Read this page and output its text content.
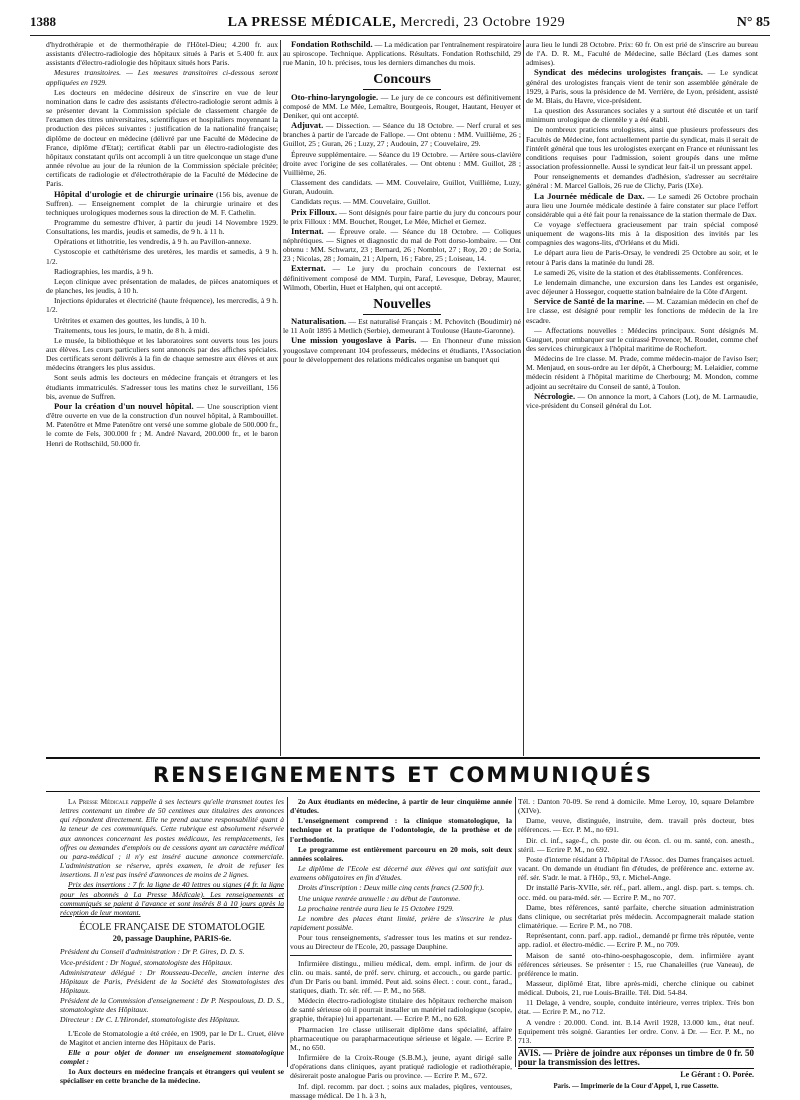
1388	LA PRESSE MÉDICALE, Mercredi, 23 Octobre 1929	N° 85

d'hydrothérapie et de thermothérapie de l'Hôtel-Dieu; 4.200 fr. aux assistants d'électro-radiologie des hôpitaux situés à Paris et 5.400 fr. aux assistants d'électro-radiologie des hôpitaux situés hors Paris.

Mesures transitoires. — Les mesures transitoires ci-dessous seront appliquées en 1929.

Les docteurs en médecine désireux de s'inscrire en vue de leur nomination dans le cadre des assistants d'électro-radiologie seront admis à se présenter devant la Commission spéciale de classement chargée de l'examen des titres universitaires, scientifiques et hospitaliers moyennant la production des pièces suivantes : justification de la nationalité française; diplôme de docteur en médecine (délivré par une Faculté de Médecine de France, diplôme d'Etat); certificat établi par un électro-radiologiste des hôpitaux constatant qu'ils ont accompli à un titre quelconque un stage d'une année révolue au jour de la réunion de la Commission spéciale précitée; certificats de radiologie et d'électrothérapie de la Faculté de Médecine de Paris.

Hôpital d'urologie et de chirurgie urinaire (156 bis, avenue de Suffren). — Enseignement complet de la chirurgie urinaire et des techniques urologiques modernes sous la direction de M. F. Cathelin.

Programme du semestre d'hiver, à partir du jeudi 14 Novembre 1929. Consultations, les mardis, jeudis et samedis, de 9 h. à 11 h.

Opérations et lithotritie, les vendredis, à 9 h. au Pavillon-annexe.

Cystoscopie et cathétérisme des uretères, les mardis et samedis, à 9 h. 1/2.

Radiographies, les mardis, à 9 h.

Leçon clinique avec présentation de malades, de pièces anatomiques et de planches, les jeudis, à 10 h.

Injections épidurales et électricité (haute fréquence), les mercredis, à 9 h. 1/2.

Urétrites et examen des gouttes, les lundis, à 10 h.

Traitements, tous les jours, le matin, de 8 h. à midi.

Le musée, la bibliothèque et les laboratoires sont ouverts tous les jours aux élèves. Les cours particuliers sont annoncés par des affiches spéciales. Des certificats seront délivrés à la fin de chaque semestre aux élèves et aux médecins étrangers les plus assidus.

Sont seuls admis les docteurs en médecine français et étrangers et les étudiants immatriculés. S'adresser tous les matins chez le surveillant, 156 bis, avenue de Suffren.

Pour la création d'un nouvel hôpital. — Une souscription vient d'être ouverte en vue de la construction d'un nouvel hôpital, à Rambouillet. M. Patenôtre et Mme Patenôtre ont versé une somme globale de 500.000 fr., le comte de Fels, 300.000 fr ; M. André Navard, 200.000 fr., et le baron Henri de Rothschild, 50.000 fr.

Fondation Rothschild. — La médication par l'entraînement respiratoire au spiroscope. Technique. Applications. Résultats. Fondation Rothschild, 29 rue Manin, 10 h. précises, tous les derniers dimanches du mois.

Concours

Oto-rhino-laryngologie. — Le jury de ce concours est définitivement composé de MM. Le Mée, Lemaître, Bourgeois, Rouget, Hautant, Heuyer et Deniker, qui ont accepté.

Adjuvat. — Dissection. — Séance du 18 Octobre. — Nerf crural et ses branches à partir de l'arcade de Fallope. — Ont obtenu : MM. Vuillième, 26 ; Guillot, 25 ; Guran, 26 ; Luzy, 27 ; Audouin, 27 ; Couvelaire, 29.

Épreuve supplémentaire. — Séance du 19 Octobre. — Artère sous-clavière droite avec l'origine de ses collatérales. — Ont obtenu : MM. Guillot, 28 ; Vuillième, 26.

Classement des candidats. — MM. Couvelaire, Guillot, Vuillième, Luzy, Guran, Audouin.

Candidats reçus. — MM. Couvelaire, Guillot.

Prix Filloux. — Sont désignés pour faire partie du jury du concours pour le prix Filloux : MM. Bouchet, Rouget, Le Mée, Michel et Gernez.

Internat. — Épreuve orale. — Séance du 18 Octobre. — Coliques néphrétiques. — Signes et diagnostic du mal de Pott dorso-lombaire. — Ont obtenu : MM. Schwartz, 23 ; Bernard, 26 ; Nomblot, 27 ; Roy, 20 ; de Soria, 23 ; Nicolas, 28 ; Jomain, 21 ; Alpern, 16 ; Fabre, 25 ; Loiseau, 14.

Externat. — Le jury du prochain concours de l'externat est définitivement composé de MM. Turpin, Paraf, Levesque, Debray, Maurer, Wilmoth, Oberlin, Huet et Halphen, qui ont accepté.

Nouvelles

Naturalisation. — Est naturalisé Français : M. Pchovitch (Boudimir) né le 11 Août 1895 à Metlich (Serbie), demeurant à Toulouse (Haute-Garonne).

Une mission yougoslave à Paris. — En l'honneur d'une mission yougoslave comprenant 104 professeurs, médecins et étudiants, l'Association pour le développement des relations médicales organise un banquet qui

aura lieu le lundi 28 Octobre. Prix: 60 fr. On est prié de s'inscrire au bureau de l'A. D. R. M., Faculté de Médecine, salle Béclard (Les dames sont admises).

Syndicat des médecins urologistes français. — Le syndicat général des urologistes français vient de tenir son assemblée générale de 1929, à Paris, sous la présidence de M. Verrière, de Lyon, président, assisté de M. Blais, du Havre, vice-président.

La question des Assurances sociales y a surtout été discutée et un tarif minimum urologique de clientèle y a été établi.

De nombreux praticiens urologistes, ainsi que plusieurs professeurs des Facultés de Médecine, font actuellement partie du syndicat, mais il serait de l'intérêt général que tous les urologistes exerçant en France et réunissant les conditions requises pour l'admission, soient groupés dans une même association professionnelle. Aussi le syndicat leur fait-il un pressant appel.

Pour renseignements et demandes d'adhésion, s'adresser au secrétaire général : M. Marcel Gallois, 26 rue de Clichy, Paris (IXe).

La Journée médicale de Dax. — Le samedi 26 Octobre prochain aura lieu une Journée médicale destinée à faire constater sur place l'effort considérable qui a été fait pour la renaissance de la station thermale de Dax.

Ce voyage s'effectuera gracieusement par train spécial composé uniquement de wagons-lits mis à la disposition des invités par les compagnies des wagons-lits, d'Orléans et du Midi.

Le départ aura lieu de Paris-Orsay, le vendredi 25 Octobre au soir, et le retour à Paris dans la matinée du lundi 28.

Le samedi 26, visite de la station et des établissements. Conférences.

Le lendemain dimanche, une excursion dans les Landes est organisée, avec déjeuner à Hossegor, coquette station balnéaire de la Côte d'Argent.

Service de Santé de la marine. — M. Cazamian médecin en chef de 1re classe, est désigné pour remplir les fonctions de médecin de la 1re escadre.

— Affectations nouvelles : Médecins principaux. Sont désignés M. Gauguet, pour embarquer sur le cuirassé Provence; M. Roudet, comme chef des services chirurgicaux à l'hôpital maritime de Rochefort.

Médecins de 1re classe. M. Prade, comme médecin-major de l'aviso Iser; M. Menjaud, en sous-ordre au 1er dépôt, à Cherbourg; M. Lelaidier, comme médecin résident à l'hôpital maritime de Cherbourg; M. Mondon, comme adjoint au secrétaire du Conseil de santé, à Toulon.

Nécrologie. — On annonce la mort, à Cahors (Lot), de M. Larmaudie, vice-président du Conseil général du Lot.

RENSEIGNEMENTS ET COMMUNIQUÉS

La Presse Médicale rappelle à ses lecteurs qu'elle transmet toutes les lettres contenant un timbre de 50 centimes aux titulaires des annonces qui répondent directement. Elle ne prend aucune responsabilité quant à la teneur de ces communiqués. Cette rubrique est absolument réservée aux annonces concernant les postes médicaux, les remplacements, les offres ou demandes d'emplois ou de cessions ayant un caractère médical ou para-médical ; il n'y est inséré aucune annonce commerciale. L'administration se réserve, après examen, le droit de refuser les insertions. Il n'est pas inséré d'annonces de moins de 2 lignes.

Prix des insertions : 7 fr. la ligne de 40 lettres ou signes (4 fr. la ligne pour les abonnés à La Presse Médicale). Les renseignements et communiqués se paient à l'avance et sont insérés 8 à 10 jours après la réception de leur montant.

ÉCOLE FRANÇAISE DE STOMATOLOGIE
20, passage Dauphine, PARIS-6e.

Président du Conseil d'administration : Dr P. Gires, D. D. S.

Vice-président : Dr Nogué, stomatologiste des Hôpitaux.

Administrateur délégué : Dr Rousseau-Decelle, ancien interne des Hôpitaux de Paris, Président de la Société des Stomatologistes des Hôpitaux.

Président de la Commission d'enseignement : Dr P. Nespoulous, D. D. S., stomatologiste des Hôpitaux.

Directeur : Dr C. L'Hirondel, stomatologiste des Hôpitaux.

L'Ecole de Stomatologie a été créée, en 1909, par le Dr L. Cruet, élève de Magitot et ancien interne des Hôpitaux de Paris.

Elle a pour objet de donner un enseignement stomatologique complet :

1o Aux docteurs en médecine français et étrangers qui veulent se spécialiser en cette branche de la médecine.

2o Aux étudiants en médecine, à partir de leur cinquième année d'études.

L'enseignement comprend : la clinique stomatologique, la technique et la pratique de l'odontologie, de la prothèse et de l'orthodontie.

Le programme est entièrement parcouru en 20 mois, soit deux années scolaires.

Le diplôme de l'Ecole est décerné aux élèves qui ont satisfait aux examens obligatoires en fin d'études.

Droits d'inscription : Deux mille cinq cents francs (2.500 fr.).

Une unique rentrée annuelle : au début de l'automne.

La prochaine rentrée aura lieu le 15 Octobre 1929.

Le nombre des places étant limité, prière de s'inscrire le plus rapidement possible.

Pour tous renseignements, s'adresser tous les matins et sur rendez-vous au Directeur de l'Ecole, 20, passage Dauphine.

Infirmière distingu., milieu médical, dem. empl. infirm. de jour ds clin. ou mais. santé, de préf. serv. chirurg. et accouch., ou garde partic. d'un Dr Paris ou banl. imméd. Peut aid. soins élect. : cour. cont., farad., statiques, diath. Tr. sér. réf. — P. M., no 568.

Médecin électro-radiologiste titulaire des hôpitaux recherche maison de santé sérieuse où il pourrait installer un matériel radiologique (scopie, graphie, thérapie) lui appartenant. — Ecrire P. M., no 628.

Pharmacien 1re classe utiliserait diplôme dans spécialité, affaire pharmaceutique ou parapharmaceutique sérieuse et légale. — Ecrire P. M., no 650.

Infirmière de la Croix-Rouge (S.B.M.), jeune, ayant dirigé salle d'opérations dans cliniques, ayant pratiqué radiologie et radiothérapie, désirerait poste analogue Paris ou province. — Ecrire P. M., 672.

Inf. dipl. recomm. par doct. ; soins aux malades, piqûres, ventouses, massage médical. De 1 h. à 3 h,

Tél. : Danton 70-09. Se rend à domicile. Mme Leroy, 10, square Delambre (XIVe).

Dame, veuve, distinguée, instruite, dem. travail près docteur, btes références. — Ecr. P. M., no 691.

Dir. cl. inf., sage-f., ch. poste dir. ou écon. cl. ou m. santé, con. anesth., stéril. — Ecrire P. M., no 692.

Poste d'interne résidant à l'hôpital de l'Assoc. des Dames françaises actuel. vacant. On demande un étudiant fin d'études, de préférence anc. externe av. réf. sér. S'adr. le mat. à l'Hôp., 93, r. Michel-Ange.

Dr installé Paris-XVIIe, sér. réf., parl. allem., angl. disp. part. s. temps. ch. occ. méd. ou para-méd. sér. — Ecrire P. M., no 707.

Dame, btes références, santé parfaite, cherche situation administration dans clinique, ou secrétariat près médecin. Accompagnerait malade station climatérique. — Ecrire P. M., no 708.

Représentant, conn. parf. app. radiol., demandé pr firme très réputée, vente app. radiol. et électro-médic. — Ecrire P. M., no 709.

Maison de santé oto-rhino-oesphagoscopie, dem. infirmière ayant références sérieuses. Se présenter : 15, rue Chanaleilles (rue Vaneau), de préférence le matin.

Masseur, diplômé Etat, libre après-midi, cherche clinique ou cabinet médical. Dubois, 21, rue Louis-Braille. Tél. Did. 54-84.

11 Delage, à vendre, souple, conduite intérieure, verres triplex. Très bon état. — Ecrire P. M., no 712.

A vendre : 20.000. Cond. int. B.14 Avril 1928, 13.000 km., état neuf. Equipement très soigné. Garanties 1er ordre. Conv. à Dr. — Ecr. P. M., no 713.

AVIS. — Prière de joindre aux réponses un timbre de 0 fr. 50 pour la transmission des lettres.

Le Gérant : O. Porée.
Paris. — Imprimerie de la Cour d'Appel, 1, rue Cassette.
